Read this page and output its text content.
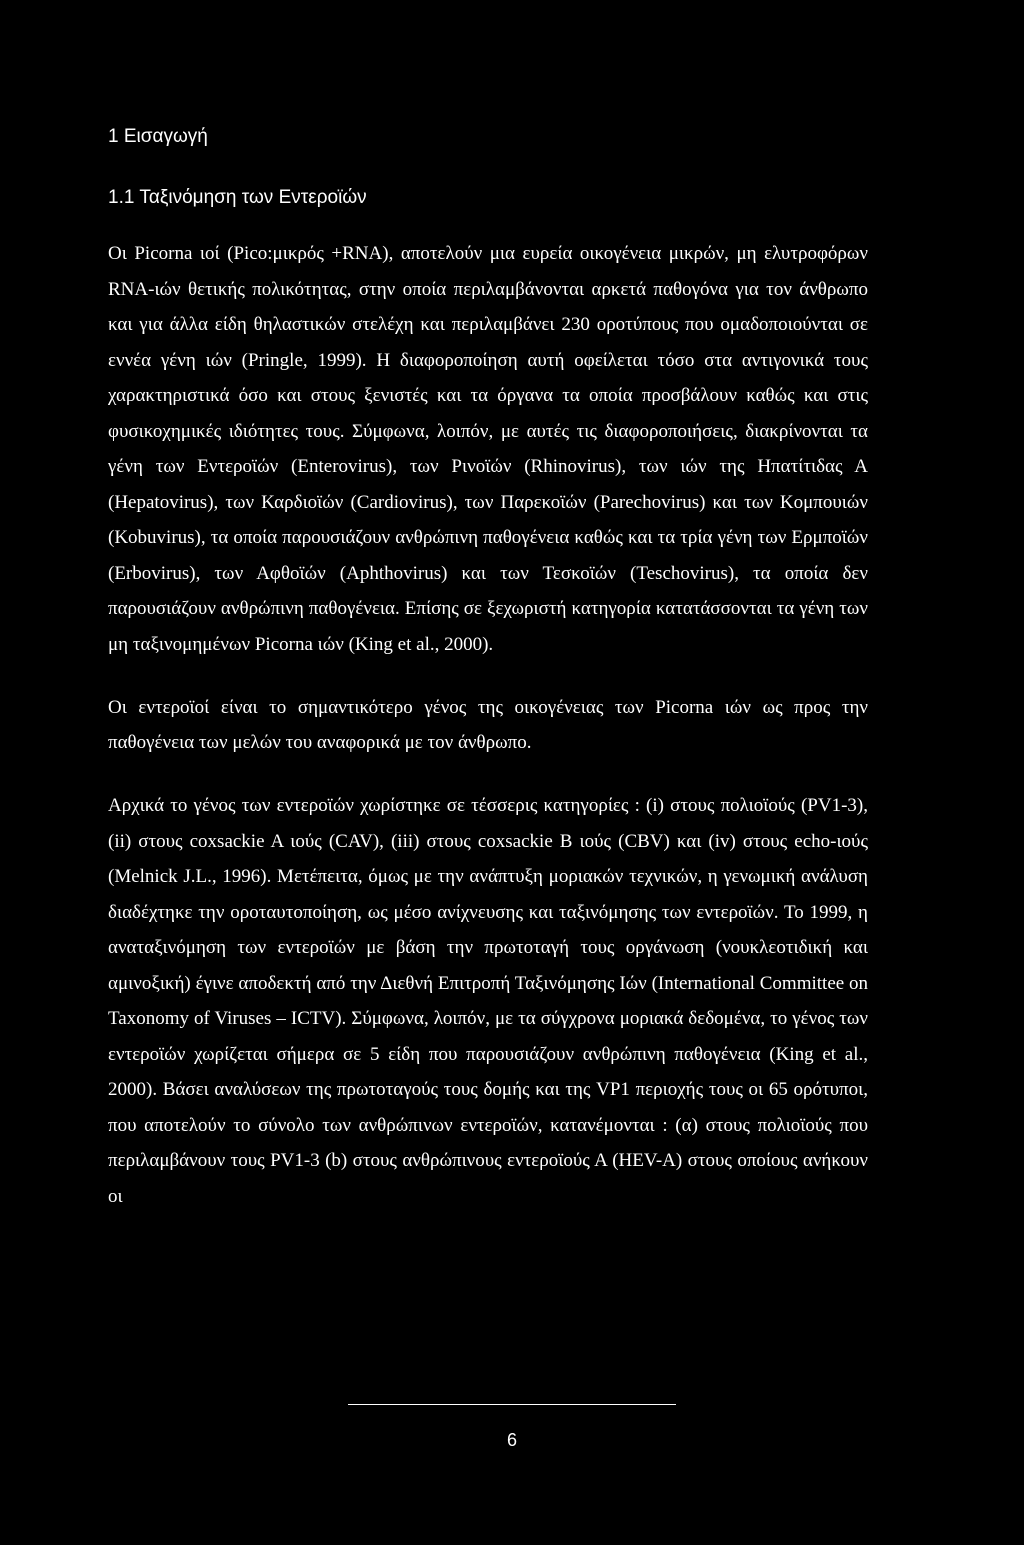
1 Εισαγωγή
1.1 Ταξινόμηση των Εντεροϊών

Οι Picorna ιοί (Pico:μικρός +RNA), αποτελούν μια ευρεία οικογένεια μικρών, μη ελυτροφόρων RNA-ιών θετικής πολικότητας, στην οποία περιλαμβάνονται αρκετά παθογόνα για τον άνθρωπο και για άλλα είδη θηλαστικών στελέχη και περιλαμβάνει 230 οροτύπους που ομαδοποιούνται σε εννέα γένη ιών (Pringle, 1999). Η διαφοροποίηση αυτή οφείλεται τόσο στα αντιγονικά τους χαρακτηριστικά όσο και στους ξενιστές και τα όργανα τα οποία προσβάλουν καθώς και στις φυσικοχημικές ιδιότητες τους. Σύμφωνα, λοιπόν, με αυτές τις διαφοροποιήσεις, διακρίνονται τα γένη των Εντεροϊών (Enterovirus), των Ρινοϊών (Rhinovirus), των ιών της Ηπατίτιδας Α (Hepatovirus), των Καρδιοϊών (Cardiovirus), των Παρεκοϊών (Parechovirus) και των Κομπουιών (Kobuvirus), τα οποία παρουσιάζουν ανθρώπινη παθογένεια καθώς και τα τρία γένη των Ερμποϊών (Erbovirus), των Αφθοϊών (Aphthovirus) και των Τεσκοϊών (Teschovirus), τα οποία δεν παρουσιάζουν ανθρώπινη παθογένεια. Επίσης σε ξεχωριστή κατηγορία κατατάσσονται τα γένη των μη ταξινομημένων Picorna ιών (King et al., 2000).

Οι εντεροϊοί είναι το σημαντικότερο γένος της οικογένειας των Picorna ιών ως προς την παθογένεια των μελών του αναφορικά με τον άνθρωπο.

Αρχικά το γένος των εντεροϊών χωρίστηκε σε τέσσερις κατηγορίες : (i) στους πολιοϊούς (PV1-3), (ii) στους coxsackie A ιούς (CAV), (iii) στους coxsackie B ιούς (CBV) και (iv) στους echo-ιούς (Melnick J.L., 1996). Μετέπειτα, όμως με την ανάπτυξη μοριακών τεχνικών, η γενωμική ανάλυση διαδέχτηκε την οροταυτοποίηση, ως μέσο ανίχνευσης και ταξινόμησης των εντεροϊών. Το 1999, η αναταξινόμηση των εντεροϊών με βάση την πρωτοταγή τους οργάνωση (νουκλεοτιδική και αμινοξική) έγινε αποδεκτή από την Διεθνή Επιτροπή Ταξινόμησης Ιών (International Committee on Taxonomy of Viruses – ICTV). Σύμφωνα, λοιπόν, με τα σύγχρονα μοριακά δεδομένα, το γένος των εντεροϊών χωρίζεται σήμερα σε 5 είδη που παρουσιάζουν ανθρώπινη παθογένεια (King et al., 2000). Βάσει αναλύσεων της πρωτοταγούς τους δομής και της VP1 περιοχής τους οι 65 ορότυποι, που αποτελούν το σύνολο των ανθρώπινων εντεροϊών, κατανέμονται : (α) στους πολιοϊούς που περιλαμβάνουν τους PV1-3 (b) στους ανθρώπινους εντεροϊούς Α (HEV-A) στους οποίους ανήκουν οι

6
